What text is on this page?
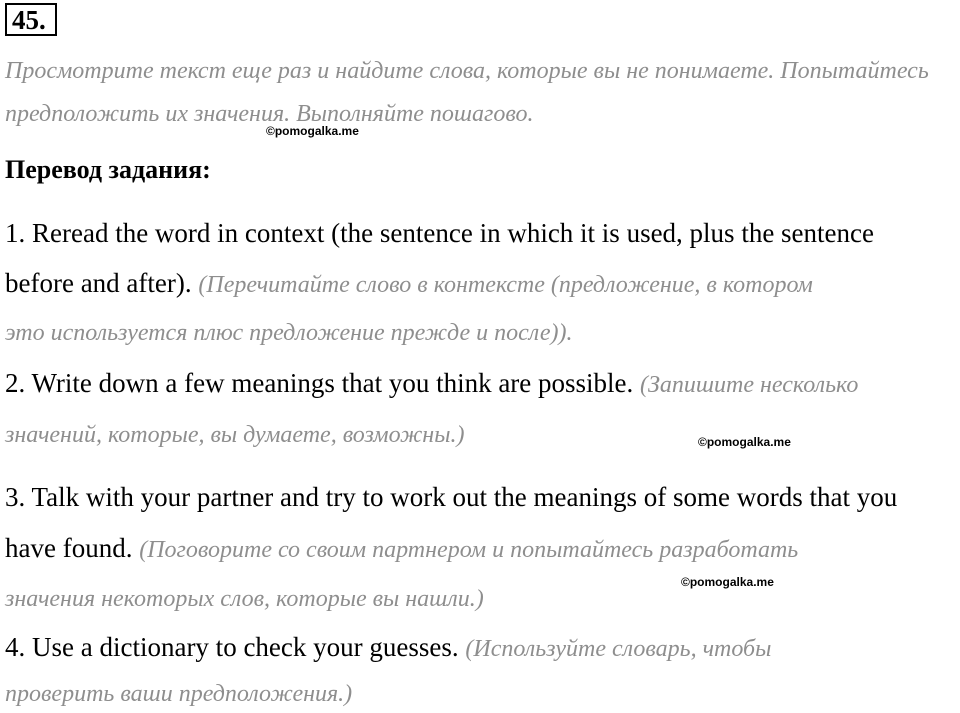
45.
Просмотрите текст еще раз и найдите слова, которые вы не понимаете. Попытайтесь
предположить их значения. Выполняйте пошагово.
©pomogalka.me
Перевод задания:
1. Reread the word in context (the sentence in which it is used, plus the sentence
before and after). (Перечитайте слово в контексте (предложение, в котором
это используется плюс предложение прежде и после)).
2. Write down a few meanings that you think are possible. (Запишите несколько
значений, которые, вы думаете, возможны.)	©pomogalka.me
3. Talk with your partner and try to work out the meanings of some words that you
have found. (Поговорите со своим партнером и попытайтесь разработать
©pomogalka.me
значения некоторых слов, которые вы нашли.)
4. Use a dictionary to check your guesses. (Используйте словарь, чтобы
проверить ваши предположения.)
